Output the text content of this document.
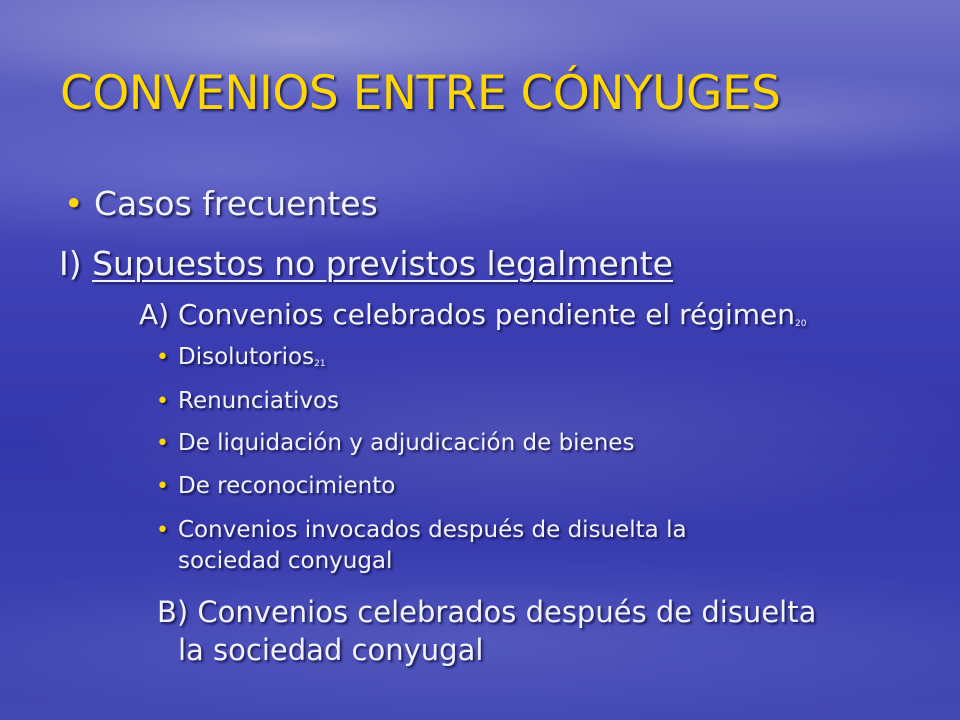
CONVENIOS ENTRE CÓNYUGES
• Casos frecuentes
I) Supuestos no previstos legalmente
A) Convenios celebrados pendiente el régimen$_{20}$
• Disolutorios$_{21}$
• Renunciativos
• De liquidación y adjudicación de bienes
• De reconocimiento
• Convenios invocados después de disuelta la
sociedad conyugal
B) Convenios celebrados después de disuelta
la sociedad conyugal
